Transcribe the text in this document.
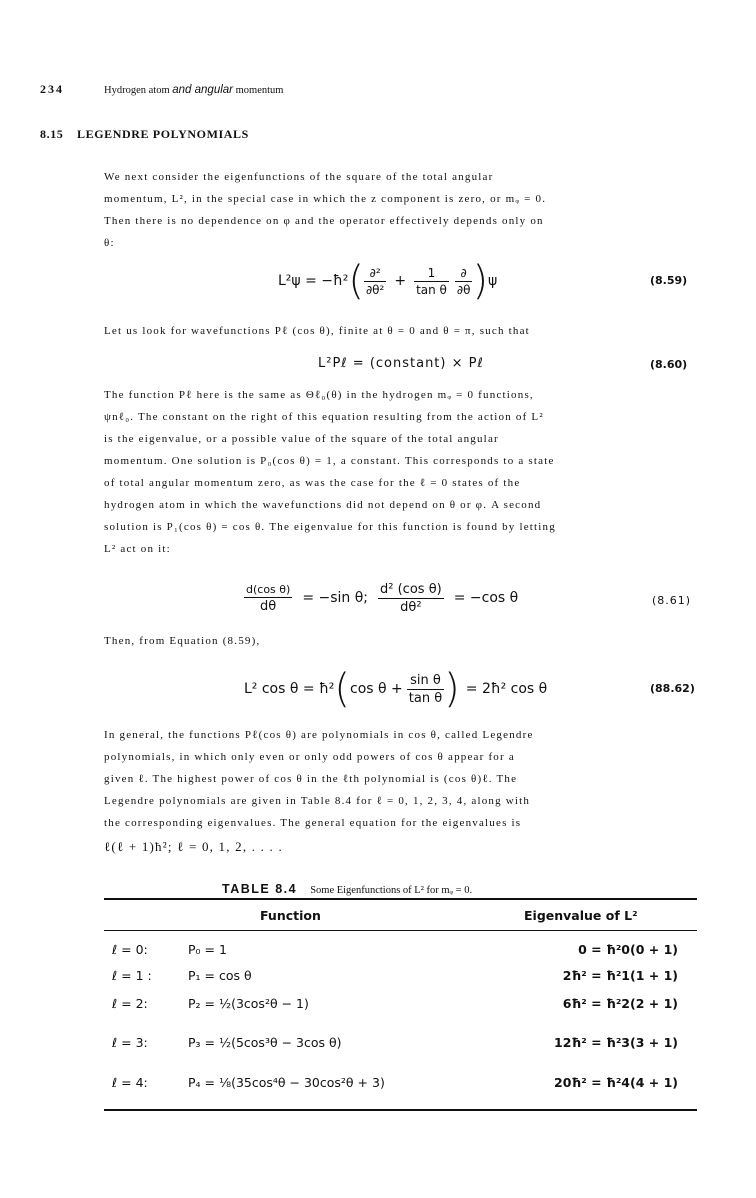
234	Hydrogen atom and angular momentum
8.15 LEGENDRE POLYNOMIALS
We next consider the eigenfunctions of the square of the total angular
momentum, L², in the special case in which the z component is zero, or mᵩ = 0.
Then there is no dependence on φ and the operator effectively depends only on
θ:
L²ψ = −ħ² ( $\frac{\text{∂²}}{\text{∂θ²}} + \frac{1}{\text{tan θ}} \frac{\partial}{\partial\theta}$ ) ψ	(8.59)
Let us look for wavefunctions Pℓ (cos θ), finite at θ = 0 and θ = π, such that
L²Pℓ = (constant) × Pℓ	(8.60)
The function Pℓ here is the same as Θℓ₀(θ) in the hydrogen mᵩ = 0 functions,
ψnℓ₀. The constant on the right of this equation resulting from the action of L²
is the eigenvalue, or a possible value of the square of the total angular
momentum. One solution is P₀(cos θ) = 1, a constant. This corresponds to a state
of total angular momentum zero, as was the case for the ℓ = 0 states of the
hydrogen atom in which the wavefunctions did not depend on θ or φ. A second
solution is P₁(cos θ) = cos θ. The eigenvalue for this function is found by letting
L² act on it:
$\frac{\text{d(cos θ)}}{d\theta} = -\sin$ θ; $\frac{\text{d² (cos θ)}}{\text{dθ²}} = -\cos$ θ	(8.61)
Then, from Equation (8.59),
L² cos θ = ħ² ( $\cos \theta + \frac{\text{sin θ}}{\text{tan θ}}$ ) = 2ħ² cos θ	(88.62)
In general, the functions Pℓ(cos θ) are polynomials in cos θ, called Legendre
polynomials, in which only even or only odd powers of cos θ appear for a
given ℓ. The highest power of cos θ in the ℓth polynomial is (cos θ)ℓ. The
Legendre polynomials are given in Table 8.4 for ℓ = 0, 1, 2, 3, 4, along with
the corresponding eigenvalues. The general equation for the eigenvalues is
ℓ(ℓ + 1)ħ²; ℓ = 0, 1, 2, . . . .
TABLE 8.4 Some Eigenfunctions of L² for mᵩ = 0.
Function	Eigenvalue of L²
ℓ = 0:	P₀ = 1	0 = ħ²0(0 + 1)
ℓ = 1 :	P₁ = cos θ	2ħ² = ħ²1(1 + 1)
ℓ = 2:	P₂ = ½(3cos²θ − 1)	6ħ² = ħ²2(2 + 1)
ℓ = 3:	P₃ = ½(5cos³θ − 3cos θ)	12ħ² = ħ²3(3 + 1)
ℓ = 4:	P₄ = ⅛(35cos⁴θ − 30cos²θ + 3)	20ħ² = ħ²4(4 + 1)
